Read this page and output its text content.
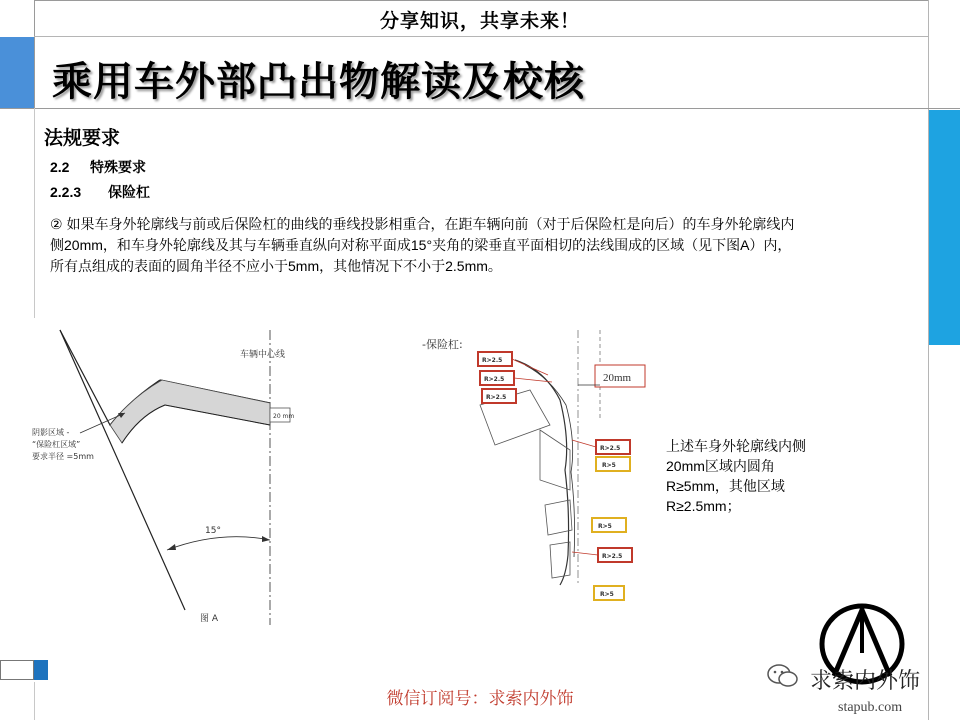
分享知识，共享未来！
乘用车外部凸出物解读及校核
法规要求
2.2 特殊要求
2.2.3 保险杠

② 如果车身外轮廓线与前或后保险杠的曲线的垂线投影相重合，在距车辆向前（对于后保险杠是向后）的车身外轮廓线内

侧20mm，和车身外轮廓线及其与车辆垂直纵向对称平面成15°夹角的梁垂直平面相切的法线围成的区域（见下图A）内，

所有点组成的表面的圆角半径不应小于5mm，其他情况下不小于2.5mm。

20 mm
15°
车辆中心线
阴影区域 -
“保险杠区域”
要求半径 =5mm
图 A
-保险杠:
20mm
R>2.5
R>2.5
R>2.5
R>2.5
R>2.5
R>5
R>5
R>5
R>5

上述车身外轮廓线内侧

20mm区域内圆角

R≥5mm，其他区域

R≥2.5mm；

微信订阅号：求索内外饰
求索内外饰
stapub.com
